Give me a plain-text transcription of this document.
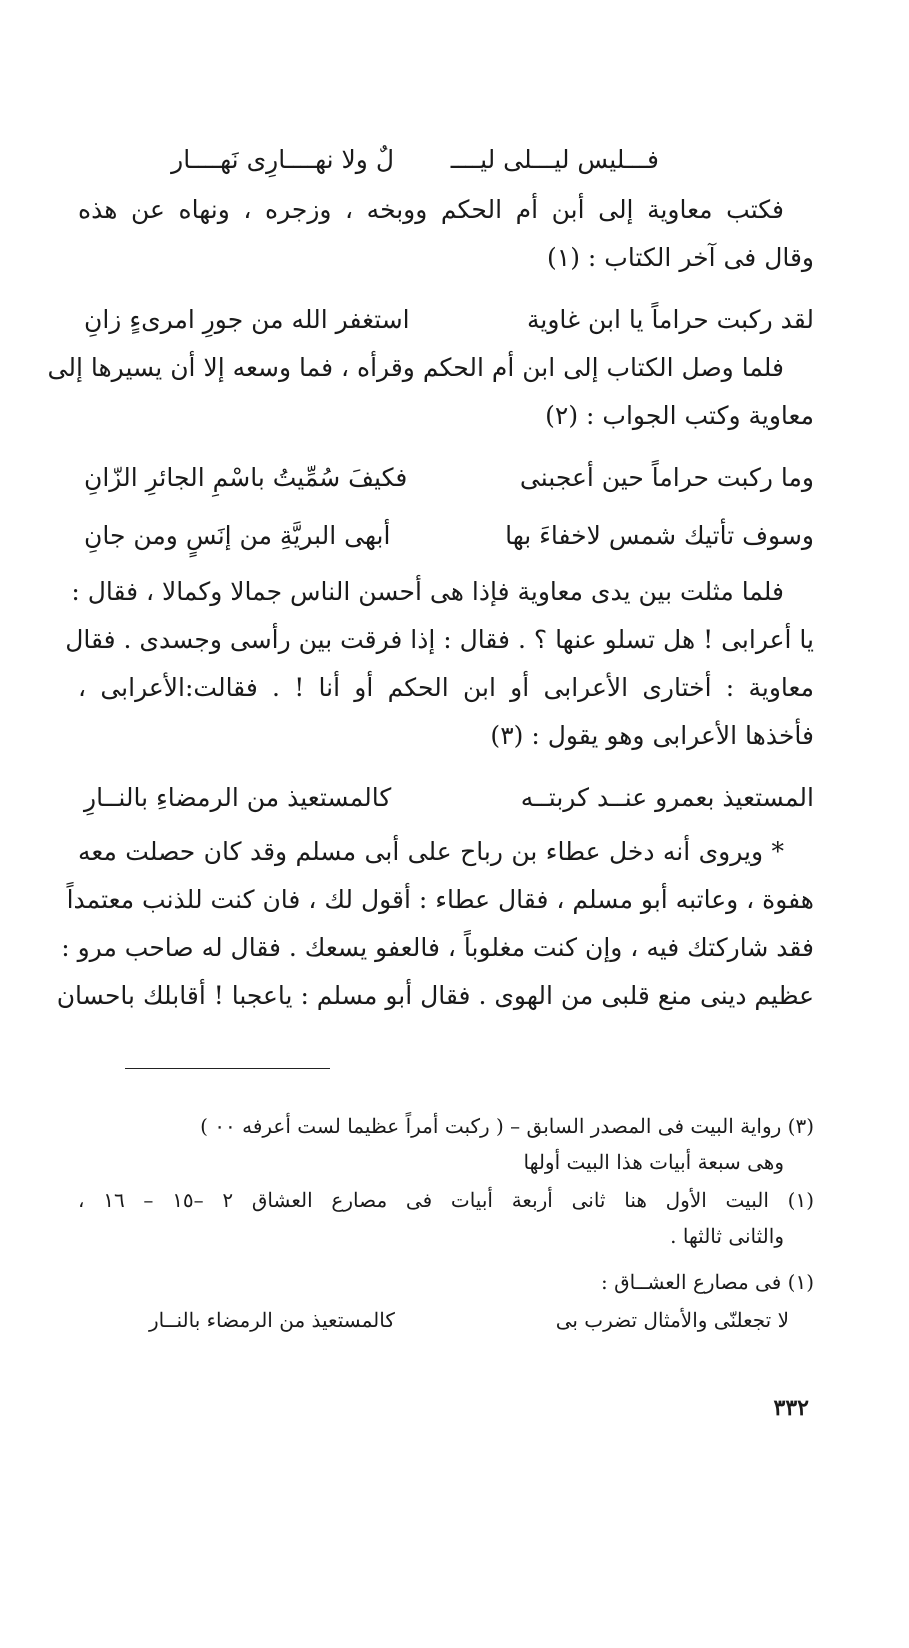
فـــليس ليـــلى ليــــ
لٌ ولا نهــــارِى نَهــــار
فكتب معاوية إلى أبن أم الحكم ووبخه ، وزجره ، ونهاه عن هذه
وقال فى آخر الكتاب : (١)
لقد ركبت حراماً يا ابن غاوية
استغفر الله من جورِ امرىءٍ زانِ
فلما وصل الكتاب إلى ابن أم الحكم وقرأه ، فما وسعه إلا أن يسيرها إلى
معاوية وكتب الجواب : (٢)
وما ركبت حراماً حين أعجبنى
فكيفَ سُمِّيتُ باسْمِ الجائرِ الزّانِ
وسوف تأتيك شمس لاخفاءَ بها
أبهى البريَّةِ من إنَسٍ ومن جانِ
فلما مثلت بين يدى معاوية فإذا هى أحسن الناس جمالا وكمالا ، فقال :
يا أعرابى ! هل تسلو عنها ؟ . فقال : إذا فرقت بين رأسى وجسدى . فقال
معاوية : أختارى الأعرابى أو ابن الحكم أو أنا ! . فقالت:الأعرابى ،
فأخذها الأعرابى وهو يقول : (٣)
المستعيذ بعمرو عنــد كربتــه
كالمستعيذ من الرمضاءِ بالنــارِ
* ويروى أنه دخل عطاء بن رباح على أبى مسلم وقد كان حصلت معه
هفوة ، وعاتبه أبو مسلم ، فقال عطاء : أقول لك ، فان كنت للذنب معتمداً
فقد شاركتك فيه ، وإن كنت مغلوباً ، فالعفو يسعك . فقال له صاحب مرو :
عظيم دينى منع قلبى من الهوى . فقال أبو مسلم : ياعجبا ! أقابلك باحسان
(٣) رواية البيت فى المصدر السابق – ( ركبت أمراً عظيما لست أعرفه ٠٠ )
وهى سبعة أبيات هذا البيت أولها
(١) البيت الأول هنا ثانى أربعة أبيات فى مصارع العشاق ٢ –١٥ – ١٦ ،
والثانى ثالثها .
(١) فى مصارع العشــاق :
لا تجعلنّى والأمثال تضرب بى
كالمستعيذ من الرمضاء بالنــار
٣٣٢
